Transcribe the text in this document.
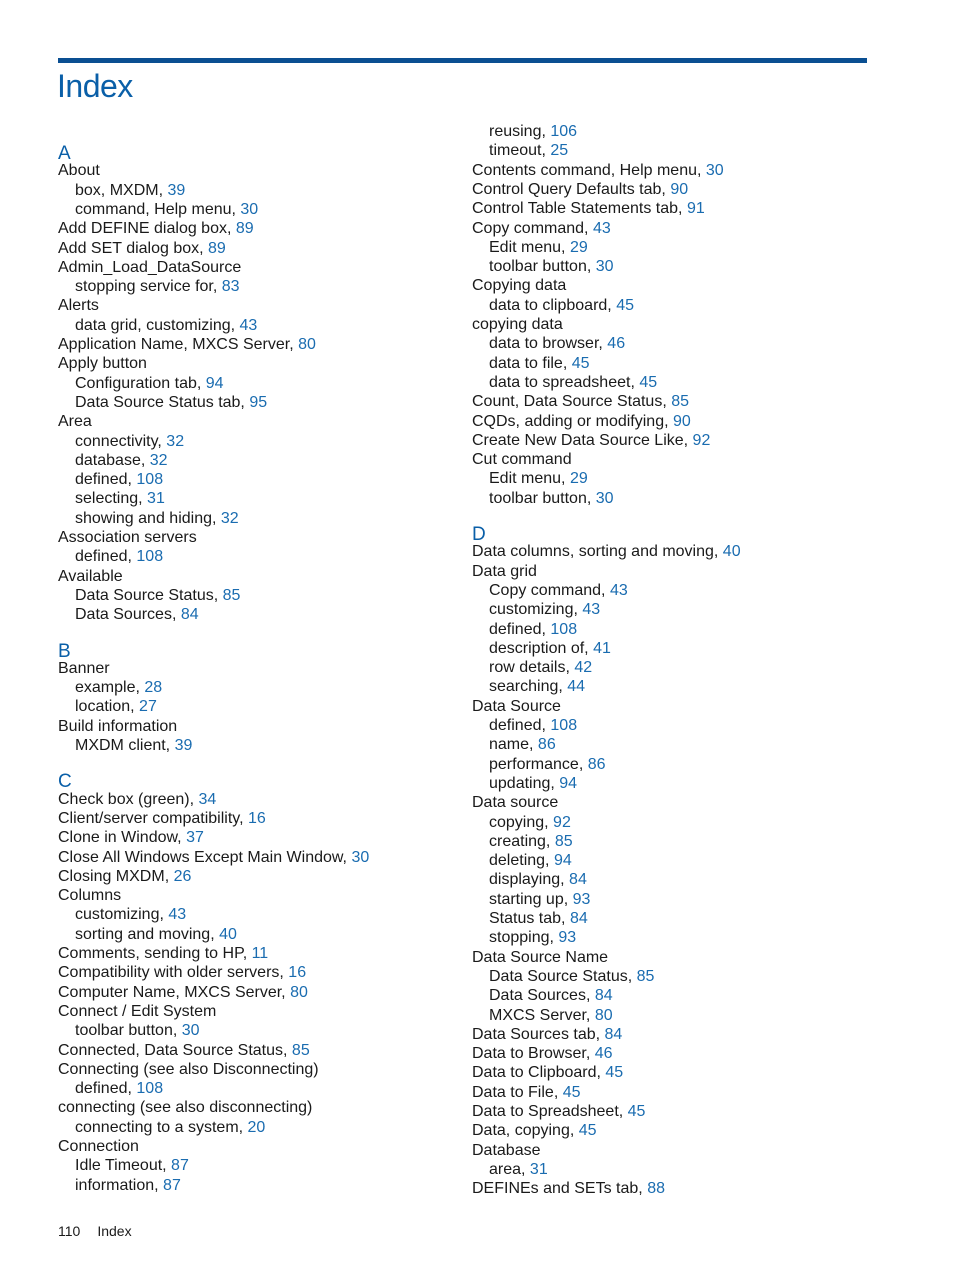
Index
A
About
box, MXDM, 39
command, Help menu, 30
Add DEFINE dialog box, 89
Add SET dialog box, 89
Admin_Load_DataSource
stopping service for, 83
Alerts
data grid, customizing, 43
Application Name, MXCS Server, 80
Apply button
Configuration tab, 94
Data Source Status tab, 95
Area
connectivity, 32
database, 32
defined, 108
selecting, 31
showing and hiding, 32
Association servers
defined, 108
Available
Data Source Status, 85
Data Sources, 84
B
Banner
example, 28
location, 27
Build information
MXDM client, 39
C
Check box (green), 34
Client/server compatibility, 16
Clone in Window, 37
Close All Windows Except Main Window, 30
Closing MXDM, 26
Columns
customizing, 43
sorting and moving, 40
Comments, sending to HP, 11
Compatibility with older servers, 16
Computer Name, MXCS Server, 80
Connect / Edit System
toolbar button, 30
Connected, Data Source Status, 85
Connecting (see also Disconnecting)
defined, 108
connecting (see also disconnecting)
connecting to a system, 20
Connection
Idle Timeout, 87
information, 87
reusing, 106
timeout, 25
Contents command, Help menu, 30
Control Query Defaults tab, 90
Control Table Statements tab, 91
Copy command, 43
Edit menu, 29
toolbar button, 30
Copying data
data to clipboard, 45
copying data
data to browser, 46
data to file, 45
data to spreadsheet, 45
Count, Data Source Status, 85
CQDs, adding or modifying, 90
Create New Data Source Like, 92
Cut command
Edit menu, 29
toolbar button, 30
D
Data columns, sorting and moving, 40
Data grid
Copy command, 43
customizing, 43
defined, 108
description of, 41
row details, 42
searching, 44
Data Source
defined, 108
name, 86
performance, 86
updating, 94
Data source
copying, 92
creating, 85
deleting, 94
displaying, 84
starting up, 93
Status tab, 84
stopping, 93
Data Source Name
Data Source Status, 85
Data Sources, 84
MXCS Server, 80
Data Sources tab, 84
Data to Browser, 46
Data to Clipboard, 45
Data to File, 45
Data to Spreadsheet, 45
Data, copying, 45
Database
area, 31
DEFINEs and SETs tab, 88
110 Index
